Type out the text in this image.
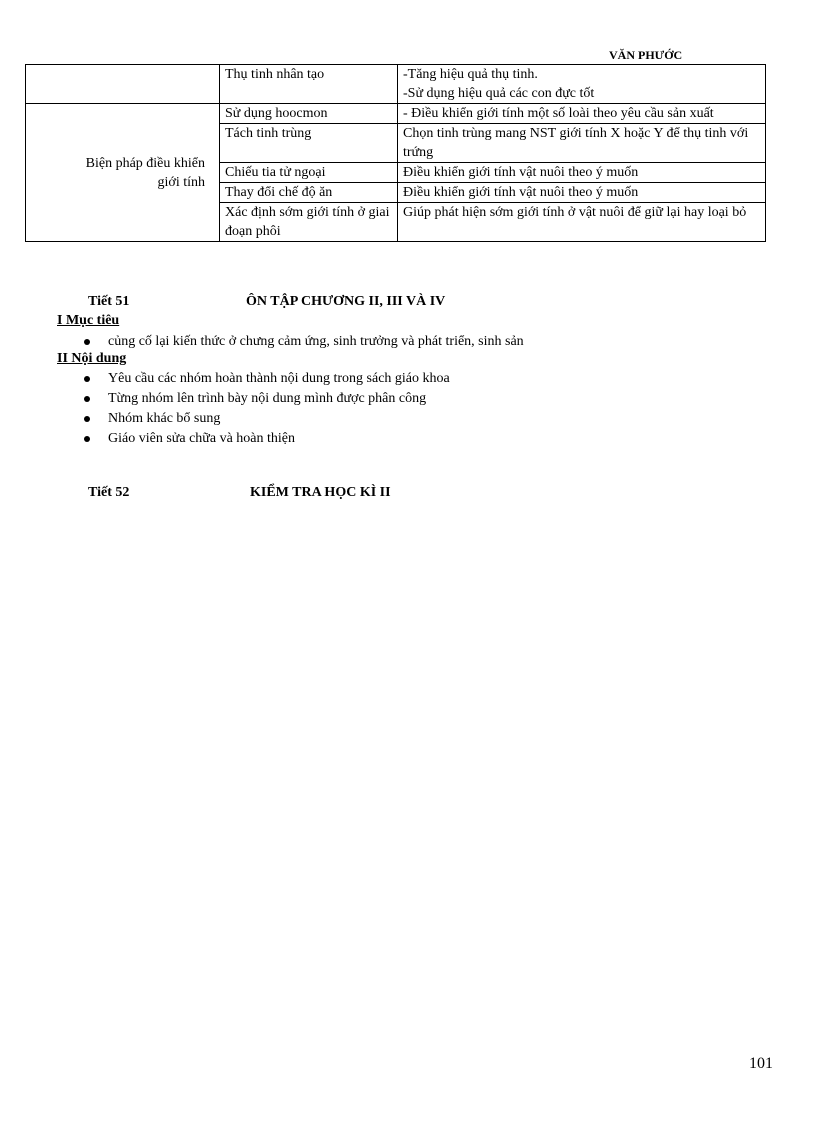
VĂN PHƯỚC
	Thụ tinh nhân tạo	-Tăng hiệu quả thụ tinh.
-Sử dụng hiệu quả các con đực tốt

Biện pháp điều khiển
giới tính	Sử dụng hoocmon	- Điều khiển giới tính một số loài theo yêu cầu sản xuất
	Tách tinh trùng	Chọn tinh trùng mang NST giới tính X hoặc Y để thụ tinh với trứng
	Chiếu tia tử ngoại	Điều khiển giới tính vật nuôi theo ý muốn
	Thay đổi chế độ ăn	Điều khiển giới tính vật nuôi theo ý muốn
	Xác định sớm giới tính ở giai đoạn phôi	Giúp phát hiện sớm giới tính ở vật nuôi để giữ lại hay loại bỏ
Tiết 51	ÔN TẬP CHƯƠNG II, III VÀ IV
I Mục tiêu
củng cố lại kiến thức ở chưng cảm ứng, sinh trưởng và phát triển, sinh sản
II Nội dung
Yêu cầu các nhóm hoàn thành nội dung trong sách giáo khoa
Từng nhóm lên trình bày nội dung mình được phân công
Nhóm khác bổ sung
Giáo viên sửa chữa và hoàn thiện
Tiết 52	KIỂM TRA HỌC KÌ II
101
